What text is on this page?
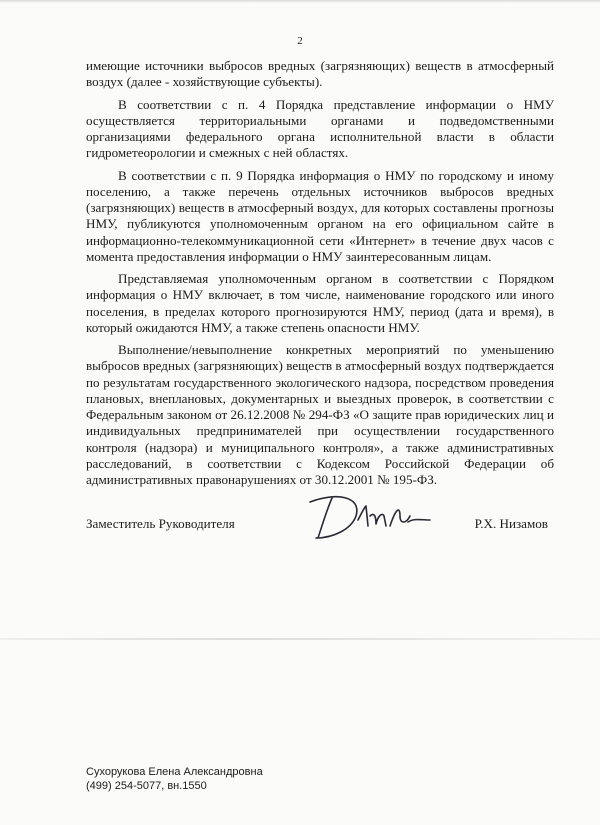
2

имеющие источники выбросов вредных (загрязняющих) веществ в атмосферный воздух (далее - хозяйствующие субъекты).

В соответствии с п. 4 Порядка представление информации о НМУ осуществляется территориальными органами и подведомственными организациями федерального органа исполнительной власти в области гидрометеорологии и смежных с ней областях.

В соответствии с п. 9 Порядка информация о НМУ по городскому и иному поселению, а также перечень отдельных источников выбросов вредных (загрязняющих) веществ в атмосферный воздух, для которых составлены прогнозы НМУ, публикуются уполномоченным органом на его официальном сайте в информационно-телекоммуникационной сети «Интернет» в течение двух часов с момента предоставления информации о НМУ заинтересованным лицам.

Представляемая уполномоченным органом в соответствии с Порядком информация о НМУ включает, в том числе, наименование городского или иного поселения, в пределах которого прогнозируются НМУ, период (дата и время), в который ожидаются НМУ, а также степень опасности НМУ.

Выполнение/невыполнение конкретных мероприятий по уменьшению выбросов вредных (загрязняющих) веществ в атмосферный воздух подтверждается по результатам государственного экологического надзора, посредством проведения плановых, внеплановых, документарных и выездных проверок, в соответствии с Федеральным законом от 26.12.2008 № 294-ФЗ «О защите прав юридических лиц и индивидуальных предпринимателей при осуществлении государственного контроля (надзора) и муниципального контроля», а также административных расследований, в соответствии с Кодексом Российской Федерации об административных правонарушениях от 30.12.2001 № 195-ФЗ.

Заместитель Руководителя	Р.Х. Низамов
Сухорукова Елена Александровна
(499) 254-5077, вн.1550
